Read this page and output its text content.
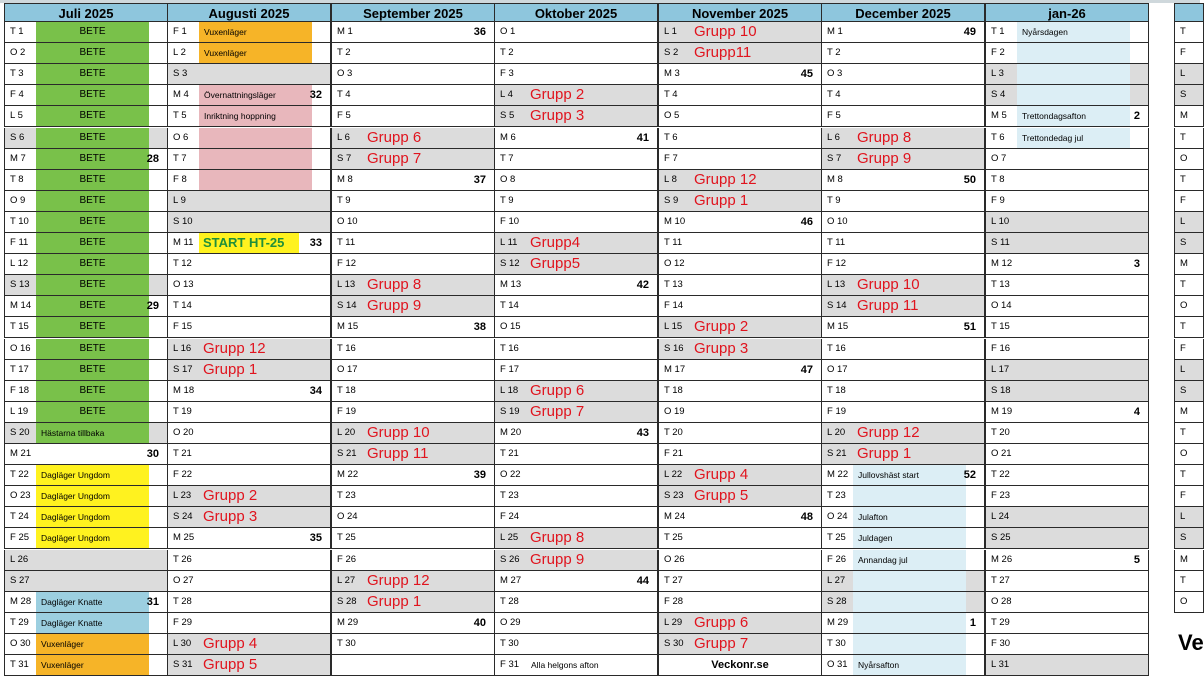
Juli 2025
T 1	BETE
O 2	BETE
T 3	BETE
F 4	BETE
L 5	BETE
S 6	BETE
M 7	BETE	28
T 8	BETE
O 9	BETE
T 10	BETE
F 11	BETE
L 12	BETE
S 13	BETE
M 14	BETE	29
T 15	BETE
O 16	BETE
T 17	BETE
F 18	BETE
L 19	BETE
S 20	Hästarna tillbaka
M 21	30
T 22	Dagläger Ungdom
O 23	Dagläger Ungdom
T 24	Dagläger Ungdom
F 25	Dagläger Ungdom
L 26
S 27
M 28	Dagläger Knatte	31
T 29	Dagläger Knatte
O 30	Vuxenläger
T 31	Vuxenläger
Augusti 2025
F 1	Vuxenläger
L 2	Vuxenläger
S 3
M 4	Övernattningsläger	32
T 5	Inriktning hoppning
O 6
T 7
F 8
L 9
S 10
M 11 START HT-25	33
T 12
O 13
T 14
F 15
L 16 Grupp 12
S 17 Grupp 1
M 18	34
T 19
O 20
T 21
F 22
L 23 Grupp 2
S 24 Grupp 3
M 25	35
T 26
O 27
T 28
F 29
L 30 Grupp 4
S 31 Grupp 5
September 2025
M 1	36
T 2
O 3
T 4
F 5
L 6 Grupp 6
S 7 Grupp 7
M 8	37
T 9
O 10
T 11
F 12
L 13 Grupp 8
S 14 Grupp 9
M 15	38
T 16
O 17
T 18
F 19
L 20 Grupp 10
S 21 Grupp 11
M 22	39
T 23
O 24
T 25
F 26
L 27 Grupp 12
S 28 Grupp 1
M 29	40
T 30
Oktober 2025
O 1
T 2
F 3
L 4 Grupp 2
S 5 Grupp 3
M 6	41
T 7
O 8
T 9
F 10
L 11 Grupp4
S 12 Grupp5
M 13	42
T 14
O 15
T 16
F 17
L 18 Grupp 6
S 19 Grupp 7
M 20	43
T 21
O 22
T 23
F 24
L 25 Grupp 8
S 26 Grupp 9
M 27	44
T 28
O 29
T 30
F 31	Alla helgons afton
November 2025
L 1 Grupp 10
S 2 Grupp11
M 3	45
T 4
O 5
T 6
F 7
L 8 Grupp 12
S 9 Grupp 1
M 10	46
T 11
O 12
T 13
F 14
L 15 Grupp 2
S 16 Grupp 3
M 17	47
T 18
O 19
T 20
F 21
L 22 Grupp 4
S 23 Grupp 5
M 24	48
T 25
O 26
T 27
F 28
L 29 Grupp 6
S 30 Grupp 7
Veckonr.se
December 2025
M 1	49
T 2
O 3
T 4
F 5
L 6 Grupp 8
S 7 Grupp 9
M 8	50
T 9
O 10
T 11
F 12
L 13 Grupp 10
S 14 Grupp 11
M 15	51
T 16
O 17
T 18
F 19
L 20 Grupp 12
S 21 Grupp 1
M 22	Jullovshäst start	52
T 23
O 24	Julafton
T 25	Juldagen
F 26	Annandag jul
L 27
S 28
M 29	1
T 30
O 31	Nyårsafton
jan-26
T 1	Nyårsdagen
F 2
L 3
S 4
M 5	Trettondagsafton	2
T 6	Trettondedag jul
O 7
T 8
F 9
L 10
S 11
M 12	3
T 13
O 14
T 15
F 16
L 17
S 18
M 19	4
T 20
O 21
T 22
F 23
L 24
S 25
M 26	5
T 27
O 28
T 29
F 30
L 31
T
F
L
S
M
T
O
T
F
L
S
M
T
O
T
F
L
S
M
T
O
T
F
L
S
M
T
O
Ve
